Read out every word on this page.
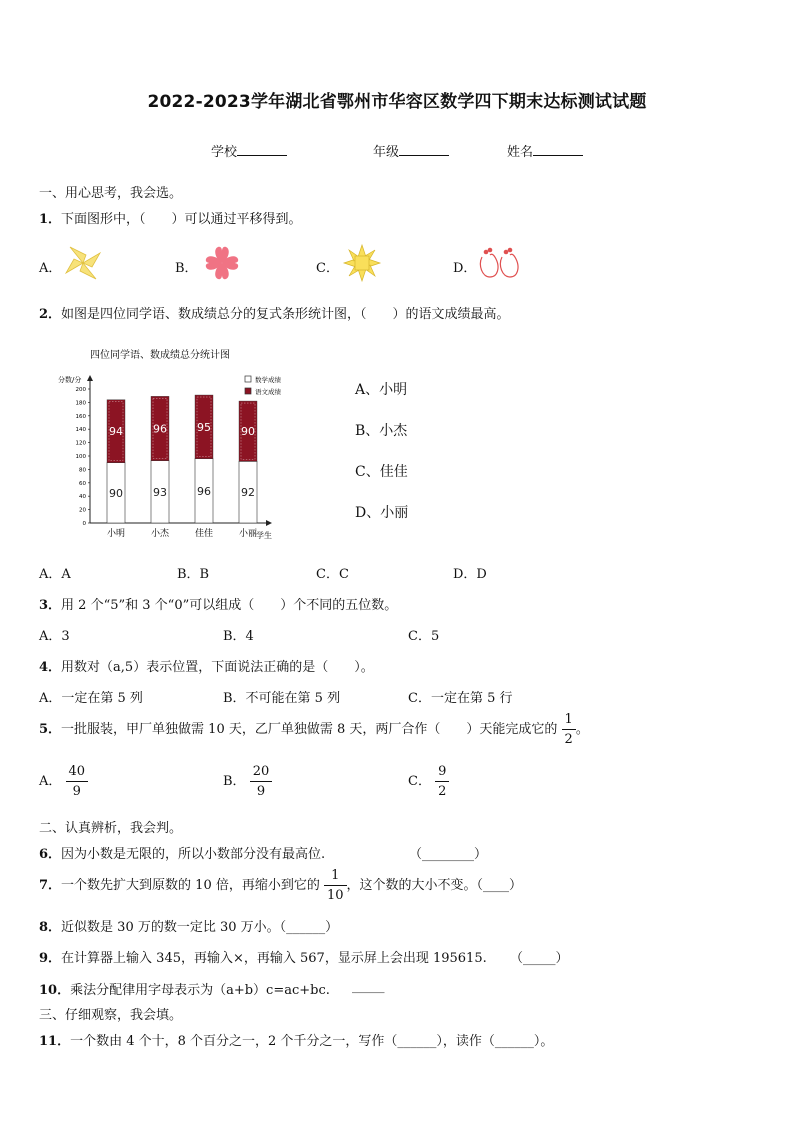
2022-2023学年湖北省鄂州市华容区数学四下期末达标测试试题
学校	年级	姓名
一、用心思考，我会选。
1．下面图形中，（　　）可以通过平移得到。
A．	B．	C．	D．
2．如图是四位同学语、数成绩总分的复式条形统计图，（　　）的语文成绩最高。
四位同学语、数成绩总分统计图
分数/分
学生
数学成绩
语文成绩
0
20
40
60
80
100
120
140
160
180
200
90
94
小明
93
96
小杰
96
95
佳佳
92
90
小丽
A、小明
B、小杰
C、佳佳
D、小丽
A．A	B．B	C．C	D．D
3．用 2 个“5”和 3 个“0”可以组成（　　）个不同的五位数。
A．3	B．4	C．5
4．用数对（a,5）表示位置，下面说法正确的是（　　）。
A．一定在第 5 列	B．不可能在第 5 列	C．一定在第 5 行
5．一批服装，甲厂单独做需 10 天，乙厂单独做需 8 天，两厂合作（　　）天能完成它的 $\frac{1}{2}$ 。
A． $\frac{40}{9}$	B． $\frac{20}{9}$	C． $\frac{9}{2}$
二、认真辨析，我会判。
6．因为小数是无限的，所以小数部分没有最高位.	（________）
7．一个数先扩大到原数的 10 倍，再缩小到它的 $\frac{1}{10}$ ，这个数的大小不变。（____）
8．近似数是 30 万的数一定比 30 万小。（______）
9．在计算器上输入 345，再输入×，再输入 567，显示屏上会出现 195615. （_____）
10．乘法分配律用字母表示为（a+b）c=ac+bc. _____
三、仔细观察，我会填。
11．一个数由 4 个十，8 个百分之一，2 个千分之一，写作（______），读作（______）。
